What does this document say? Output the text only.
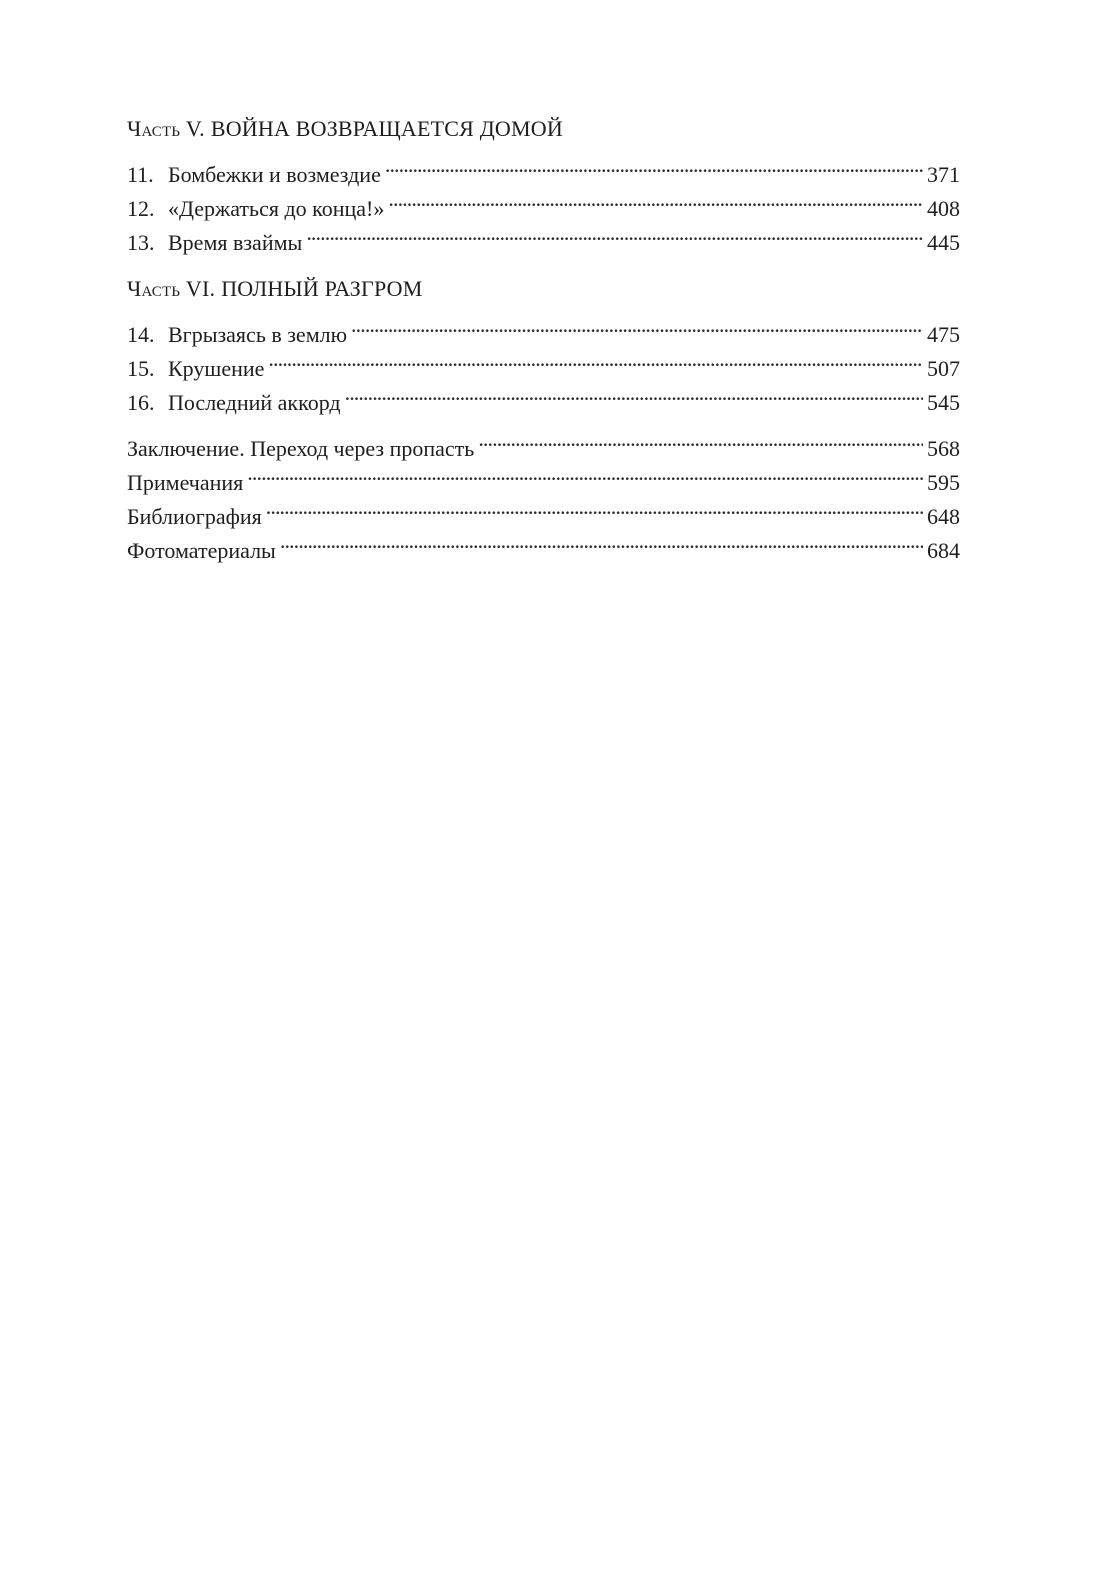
Часть V. ВОЙНА ВОЗВРАЩАЕТСЯ ДОМОЙ
11. Бомбежки и возмездие . . .	371
12. «Держаться до конца!» . . .	408
13. Время взаймы . . .	445
Часть VI. ПОЛНЫЙ РАЗГРОМ
14. Вгрызаясь в землю . . .	475
15. Крушение . . .	507
16. Последний аккорд . . .	545
Заключение. Переход через пропасть . . .	568
Примечания . . .	595
Библиография . . .	648
Фотоматериалы . . .	684
